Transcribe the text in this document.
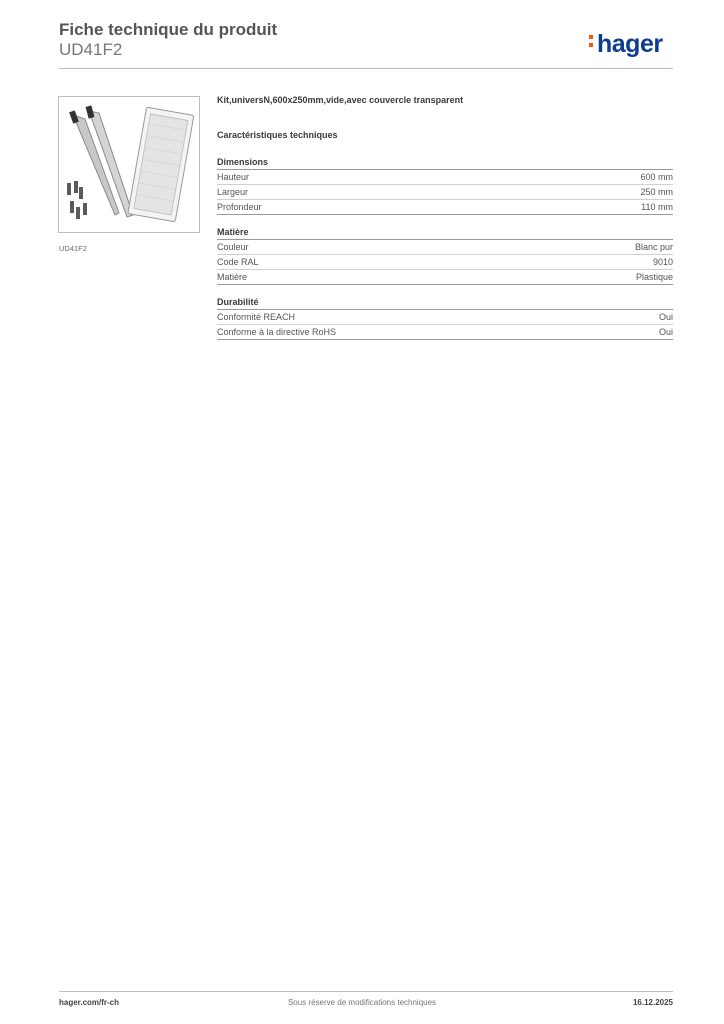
Fiche technique du produit
UD41F2	hager
UD41F2
Kit,universN,600x250mm,vide,avec couvercle transparent
Caractéristiques techniques
Dimensions
Hauteur	600 mm
Largeur	250 mm
Profondeur	110 mm
Matière
Couleur	Blanc pur
Code RAL	9010
Matière	Plastique
Durabilité
Conformité REACH	Oui
Conforme à la directive RoHS	Oui
hager.com/fr-ch	Sous réserve de modifications techniques	16.12.2025
